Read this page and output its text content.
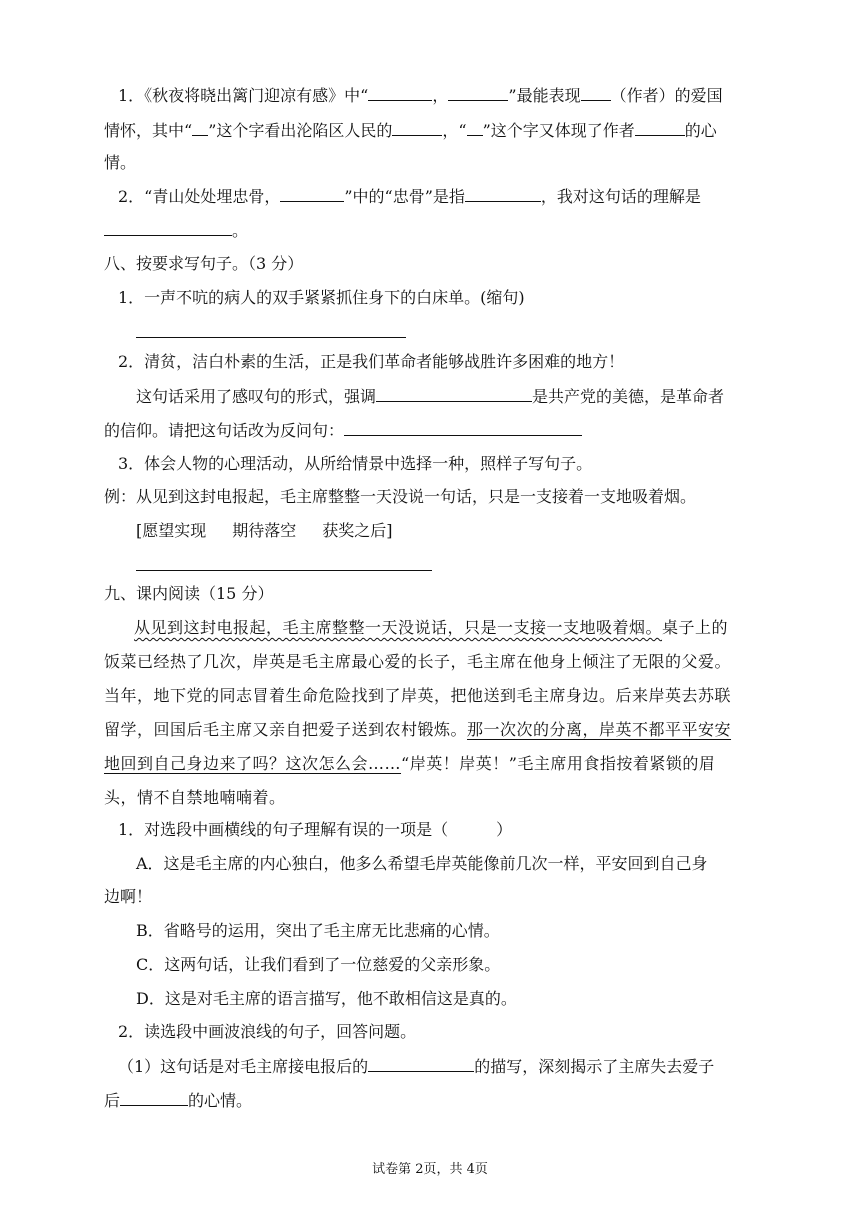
1．《秋夜将晓出篱门迎凉有感》中“	，	”最能表现 （作者）的爱国
情怀，其中“ ”这个字看出沦陷区人民的	，“ ”这个字又体现了作者	的心
情。
2．“青山处处埋忠骨，	”中的“忠骨”是指	，我对这句话的理解是
。
八、按要求写句子。（3 分）
1．一声不吭的病人的双手紧紧抓住身下的白床单。(缩句)
2．清贫，洁白朴素的生活，正是我们革命者能够战胜许多困难的地方！
这句话采用了感叹句的形式，强调	是共产党的美德，是革命者
的信仰。请把这句话改为反问句：
3．体会人物的心理活动，从所给情景中选择一种，照样子写句子。
例：从见到这封电报起，毛主席整整一天没说一句话，只是一支接着一支地吸着烟。
[愿望实现 期待落空 获奖之后]
九、课内阅读（15 分）
从见到这封电报起，毛主席整整一天没说话，只是一支接一支地吸着烟。桌子上的
饭菜已经热了几次，岸英是毛主席最心爱的长子，毛主席在他身上倾注了无限的父爱。
当年，地下党的同志冒着生命危险找到了岸英，把他送到毛主席身边。后来岸英去苏联
留学，回国后毛主席又亲自把爱子送到农村锻炼。那一次次的分离，岸英不都平平安安
地回到自己身边来了吗？这次怎么会……“岸英！岸英！”毛主席用食指按着紧锁的眉
头，情不自禁地喃喃着。
1．对选段中画横线的句子理解有误的一项是（　　　）
A．这是毛主席的内心独白，他多么希望毛岸英能像前几次一样，平安回到自己身
边啊！
B．省略号的运用，突出了毛主席无比悲痛的心情。
C．这两句话，让我们看到了一位慈爱的父亲形象。
D．这是对毛主席的语言描写，他不敢相信这是真的。
2．读选段中画波浪线的句子，回答问题。
（1）这句话是对毛主席接电报后的	的描写，深刻揭示了主席失去爱子
后	的心情。
试卷第 2页，共 4页
